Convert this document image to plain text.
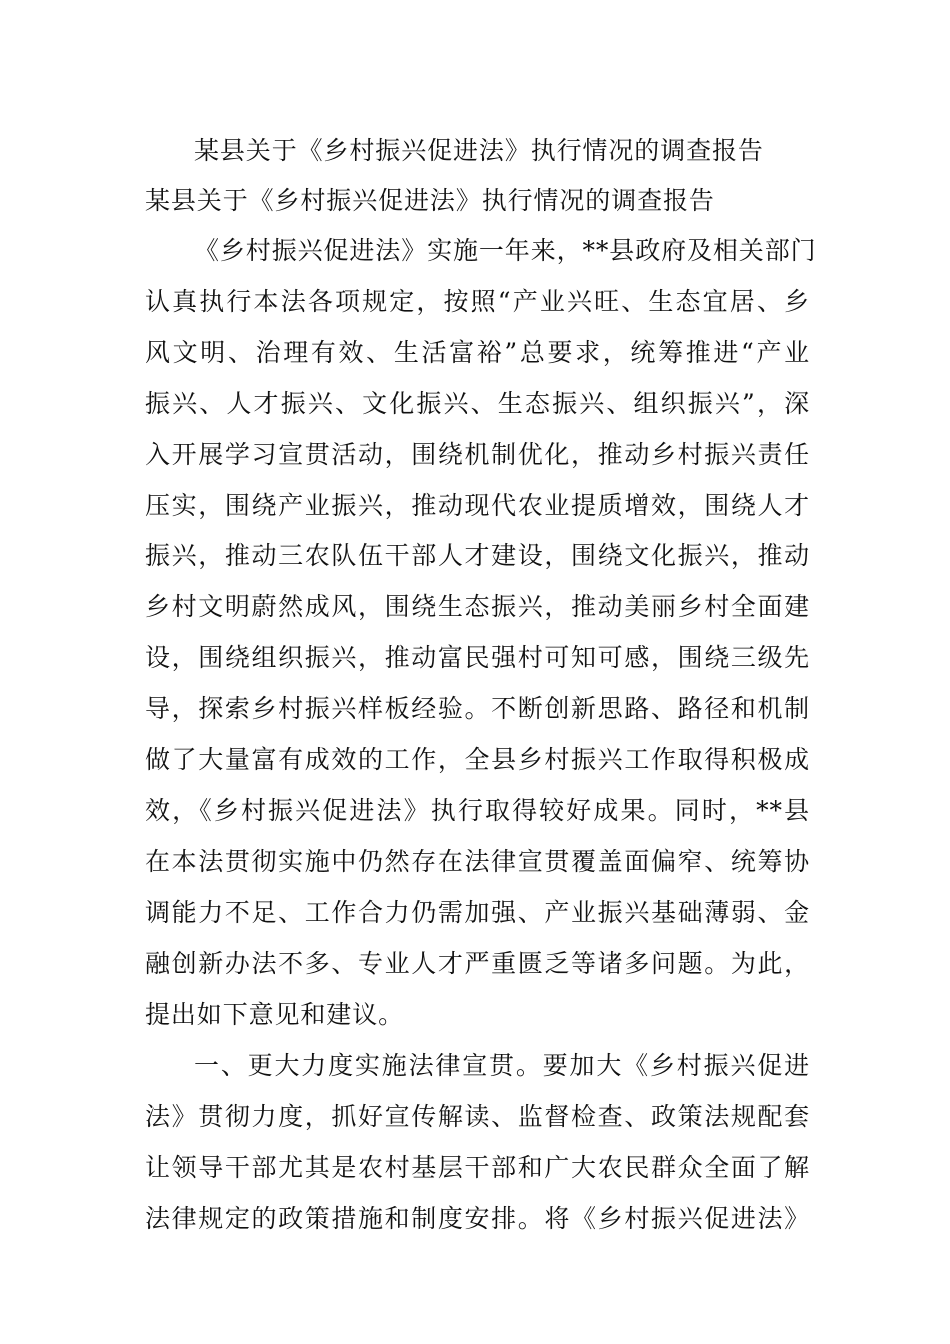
某县关于《乡村振兴促进法》执行情况的调查报告
某县关于《乡村振兴促进法》执行情况的调查报告
《乡村振兴促进法》实施一年来，**县政府及相关部门
认真执行本法各项规定，按照“产业兴旺、生态宜居、乡
风文明、治理有效、生活富裕”总要求，统筹推进“产业
振兴、人才振兴、文化振兴、生态振兴、组织振兴”，深
入开展学习宣贯活动，围绕机制优化，推动乡村振兴责任
压实，围绕产业振兴，推动现代农业提质增效，围绕人才
振兴，推动三农队伍干部人才建设，围绕文化振兴，推动
乡村文明蔚然成风，围绕生态振兴，推动美丽乡村全面建
设，围绕组织振兴，推动富民强村可知可感，围绕三级先
导，探索乡村振兴样板经验。不断创新思路、路径和机制
做了大量富有成效的工作，全县乡村振兴工作取得积极成
效，《乡村振兴促进法》执行取得较好成果。同时，**县
在本法贯彻实施中仍然存在法律宣贯覆盖面偏窄、统筹协
调能力不足、工作合力仍需加强、产业振兴基础薄弱、金
融创新办法不多、专业人才严重匮乏等诸多问题。为此，
提出如下意见和建议。
一、更大力度实施法律宣贯。要加大《乡村振兴促进
法》贯彻力度，抓好宣传解读、监督检查、政策法规配套
让领导干部尤其是农村基层干部和广大农民群众全面了解
法律规定的政策措施和制度安排。将《乡村振兴促进法》
